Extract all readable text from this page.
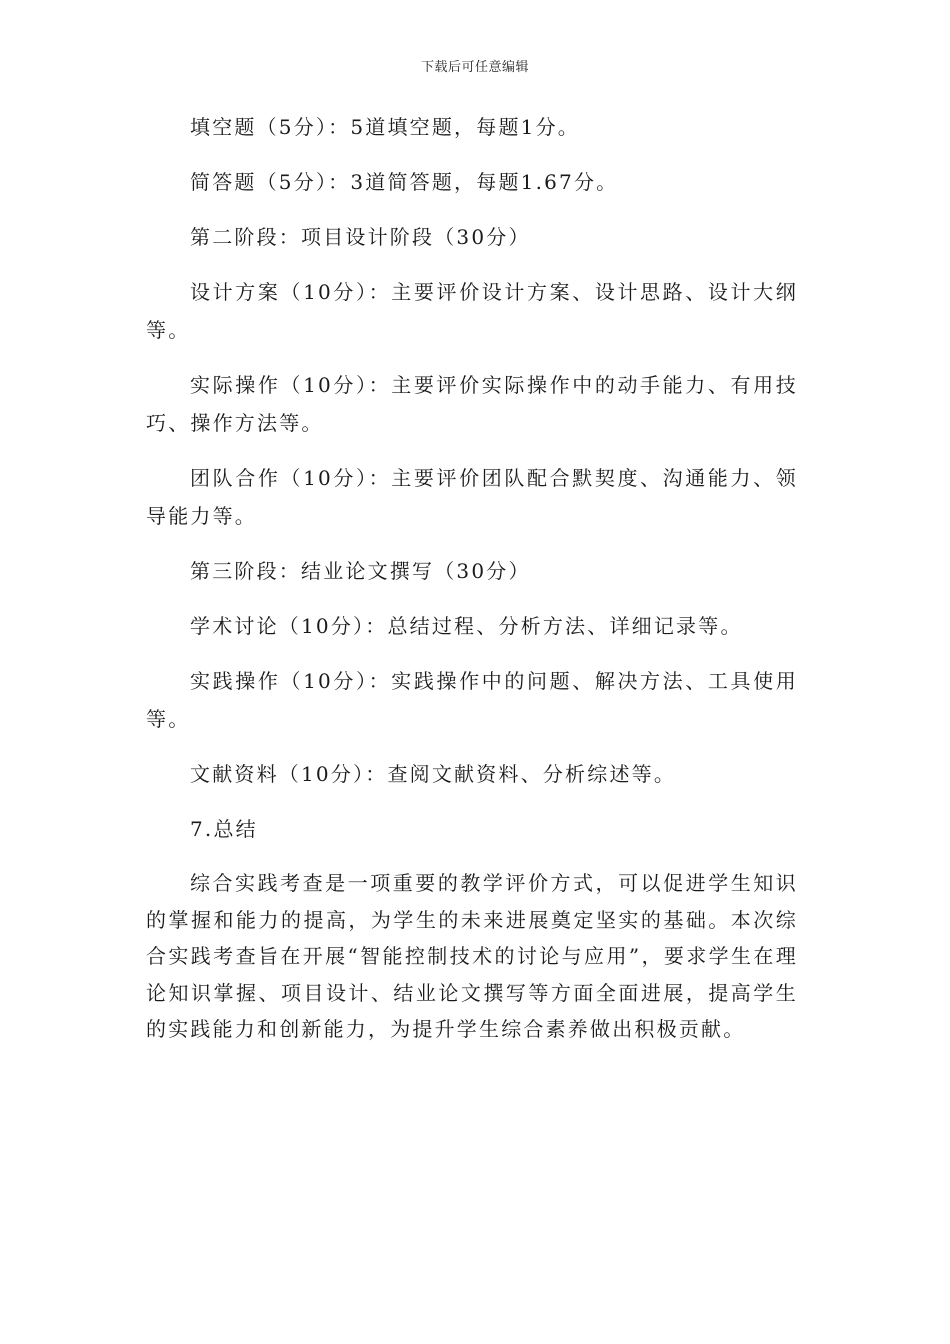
下载后可任意编辑

填空题（5分）：5道填空题，每题1分。

简答题（5分）：3道简答题，每题1.67分。

第二阶段：项目设计阶段（30分）

设计方案（10分）：主要评价设计方案、设计思路、设计大纲等。

实际操作（10分）：主要评价实际操作中的动手能力、有用技巧、操作方法等。

团队合作（10分）：主要评价团队配合默契度、沟通能力、领导能力等。

第三阶段：结业论文撰写（30分）

学术讨论（10分）：总结过程、分析方法、详细记录等。

实践操作（10分）：实践操作中的问题、解决方法、工具使用等。

文献资料（10分）：查阅文献资料、分析综述等。

7.总结

综合实践考查是一项重要的教学评价方式，可以促进学生知识的掌握和能力的提高，为学生的未来进展奠定坚实的基础。本次综合实践考查旨在开展“智能控制技术的讨论与应用”，要求学生在理论知识掌握、项目设计、结业论文撰写等方面全面进展，提高学生的实践能力和创新能力，为提升学生综合素养做出积极贡献。
